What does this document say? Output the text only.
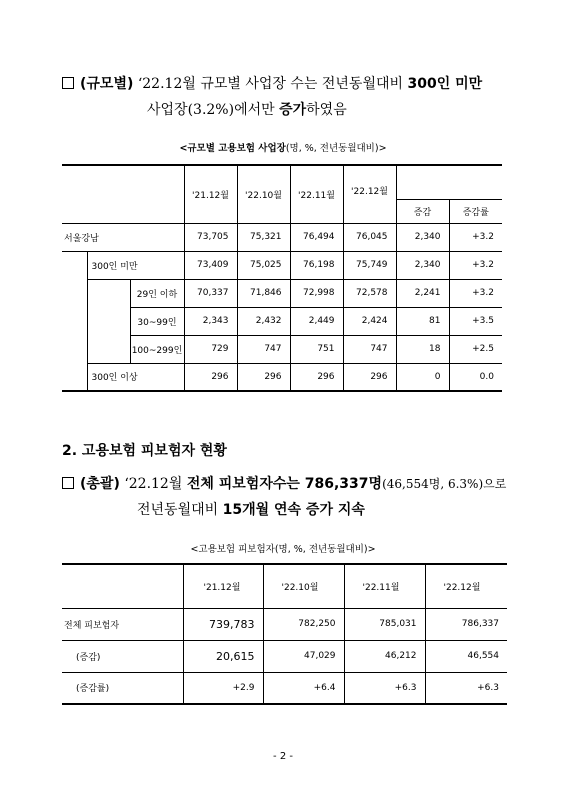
(규모별) ‘22.12월 규모별 사업장 수는 전년동월대비 300인 미만
사업장(3.2%)에서만 증가하였음
<규모별 고용보험 사업장(명, %, 전년동월대비)>
			'21.12월	'22.10월	'22.11월	'22.12월		
							증감	증감률
서울강남			73,705	75,321	76,494	76,045	2,340	+3.2
	300인 미만		73,409	75,025	76,198	75,749	2,340	+3.2
		29인 이하	70,337	71,846	72,998	72,578	2,241	+3.2
		30~99인	2,343	2,432	2,449	2,424	81	+3.5
		100~299인	729	747	751	747	18	+2.5
	300인 이상		296	296	296	296	0	0.0
2. 고용보험 피보험자 현황
(총괄) ‘22.12월 전체 피보험자수는 786,337명(46,554명, 6.3%)으로
전년동월대비 15개월 연속 증가 지속
<고용보험 피보험자(명, %, 전년동월대비)>
	'21.12월	'22.10월	'22.11월	'22.12월
전체 피보험자	739,783	782,250	785,031	786,337
(증감)	20,615	47,029	46,212	46,554
(증감률)	+2.9	+6.4	+6.3	+6.3
- 2 -
